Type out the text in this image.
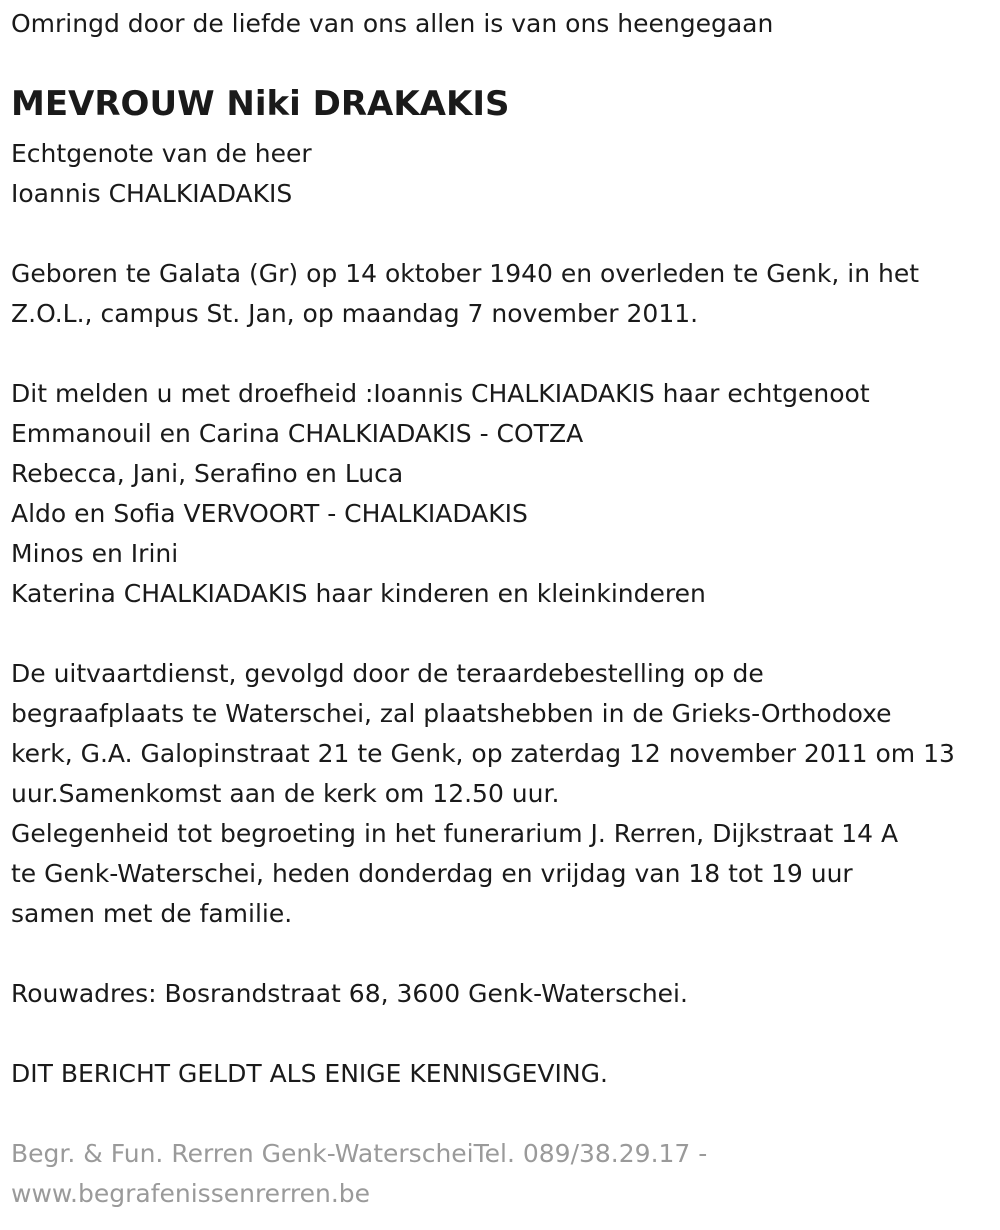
Omringd door de liefde van ons allen is van ons heengegaan

MEVROUW Niki DRAKAKIS

Echtgenote van de heer

Ioannis CHALKIADAKIS

Geboren te Galata (Gr) op 14 oktober 1940 en overleden te Genk, in het

Z.O.L., campus St. Jan, op maandag 7 november 2011.

Dit melden u met droefheid :Ioannis CHALKIADAKIS haar echtgenoot

Emmanouil en Carina CHALKIADAKIS - COTZA

Rebecca, Jani, Serafino en Luca

Aldo en Sofia VERVOORT - CHALKIADAKIS

Minos en Irini

Katerina CHALKIADAKIS haar kinderen en kleinkinderen

De uitvaartdienst, gevolgd door de teraardebestelling op de

begraafplaats te Waterschei, zal plaatshebben in de Grieks-Orthodoxe

kerk, G.A. Galopinstraat 21 te Genk, op zaterdag 12 november 2011 om 13

uur.Samenkomst aan de kerk om 12.50 uur.

Gelegenheid tot begroeting in het funerarium J. Rerren, Dijkstraat 14 A

te Genk-Waterschei, heden donderdag en vrijdag van 18 tot 19 uur

samen met de familie.

Rouwadres: Bosrandstraat 68, 3600 Genk-Waterschei.

DIT BERICHT GELDT ALS ENIGE KENNISGEVING.

Begr. & Fun. Rerren Genk-WaterscheiTel. 089/38.29.17 -

www.begrafenissenrerren.be
